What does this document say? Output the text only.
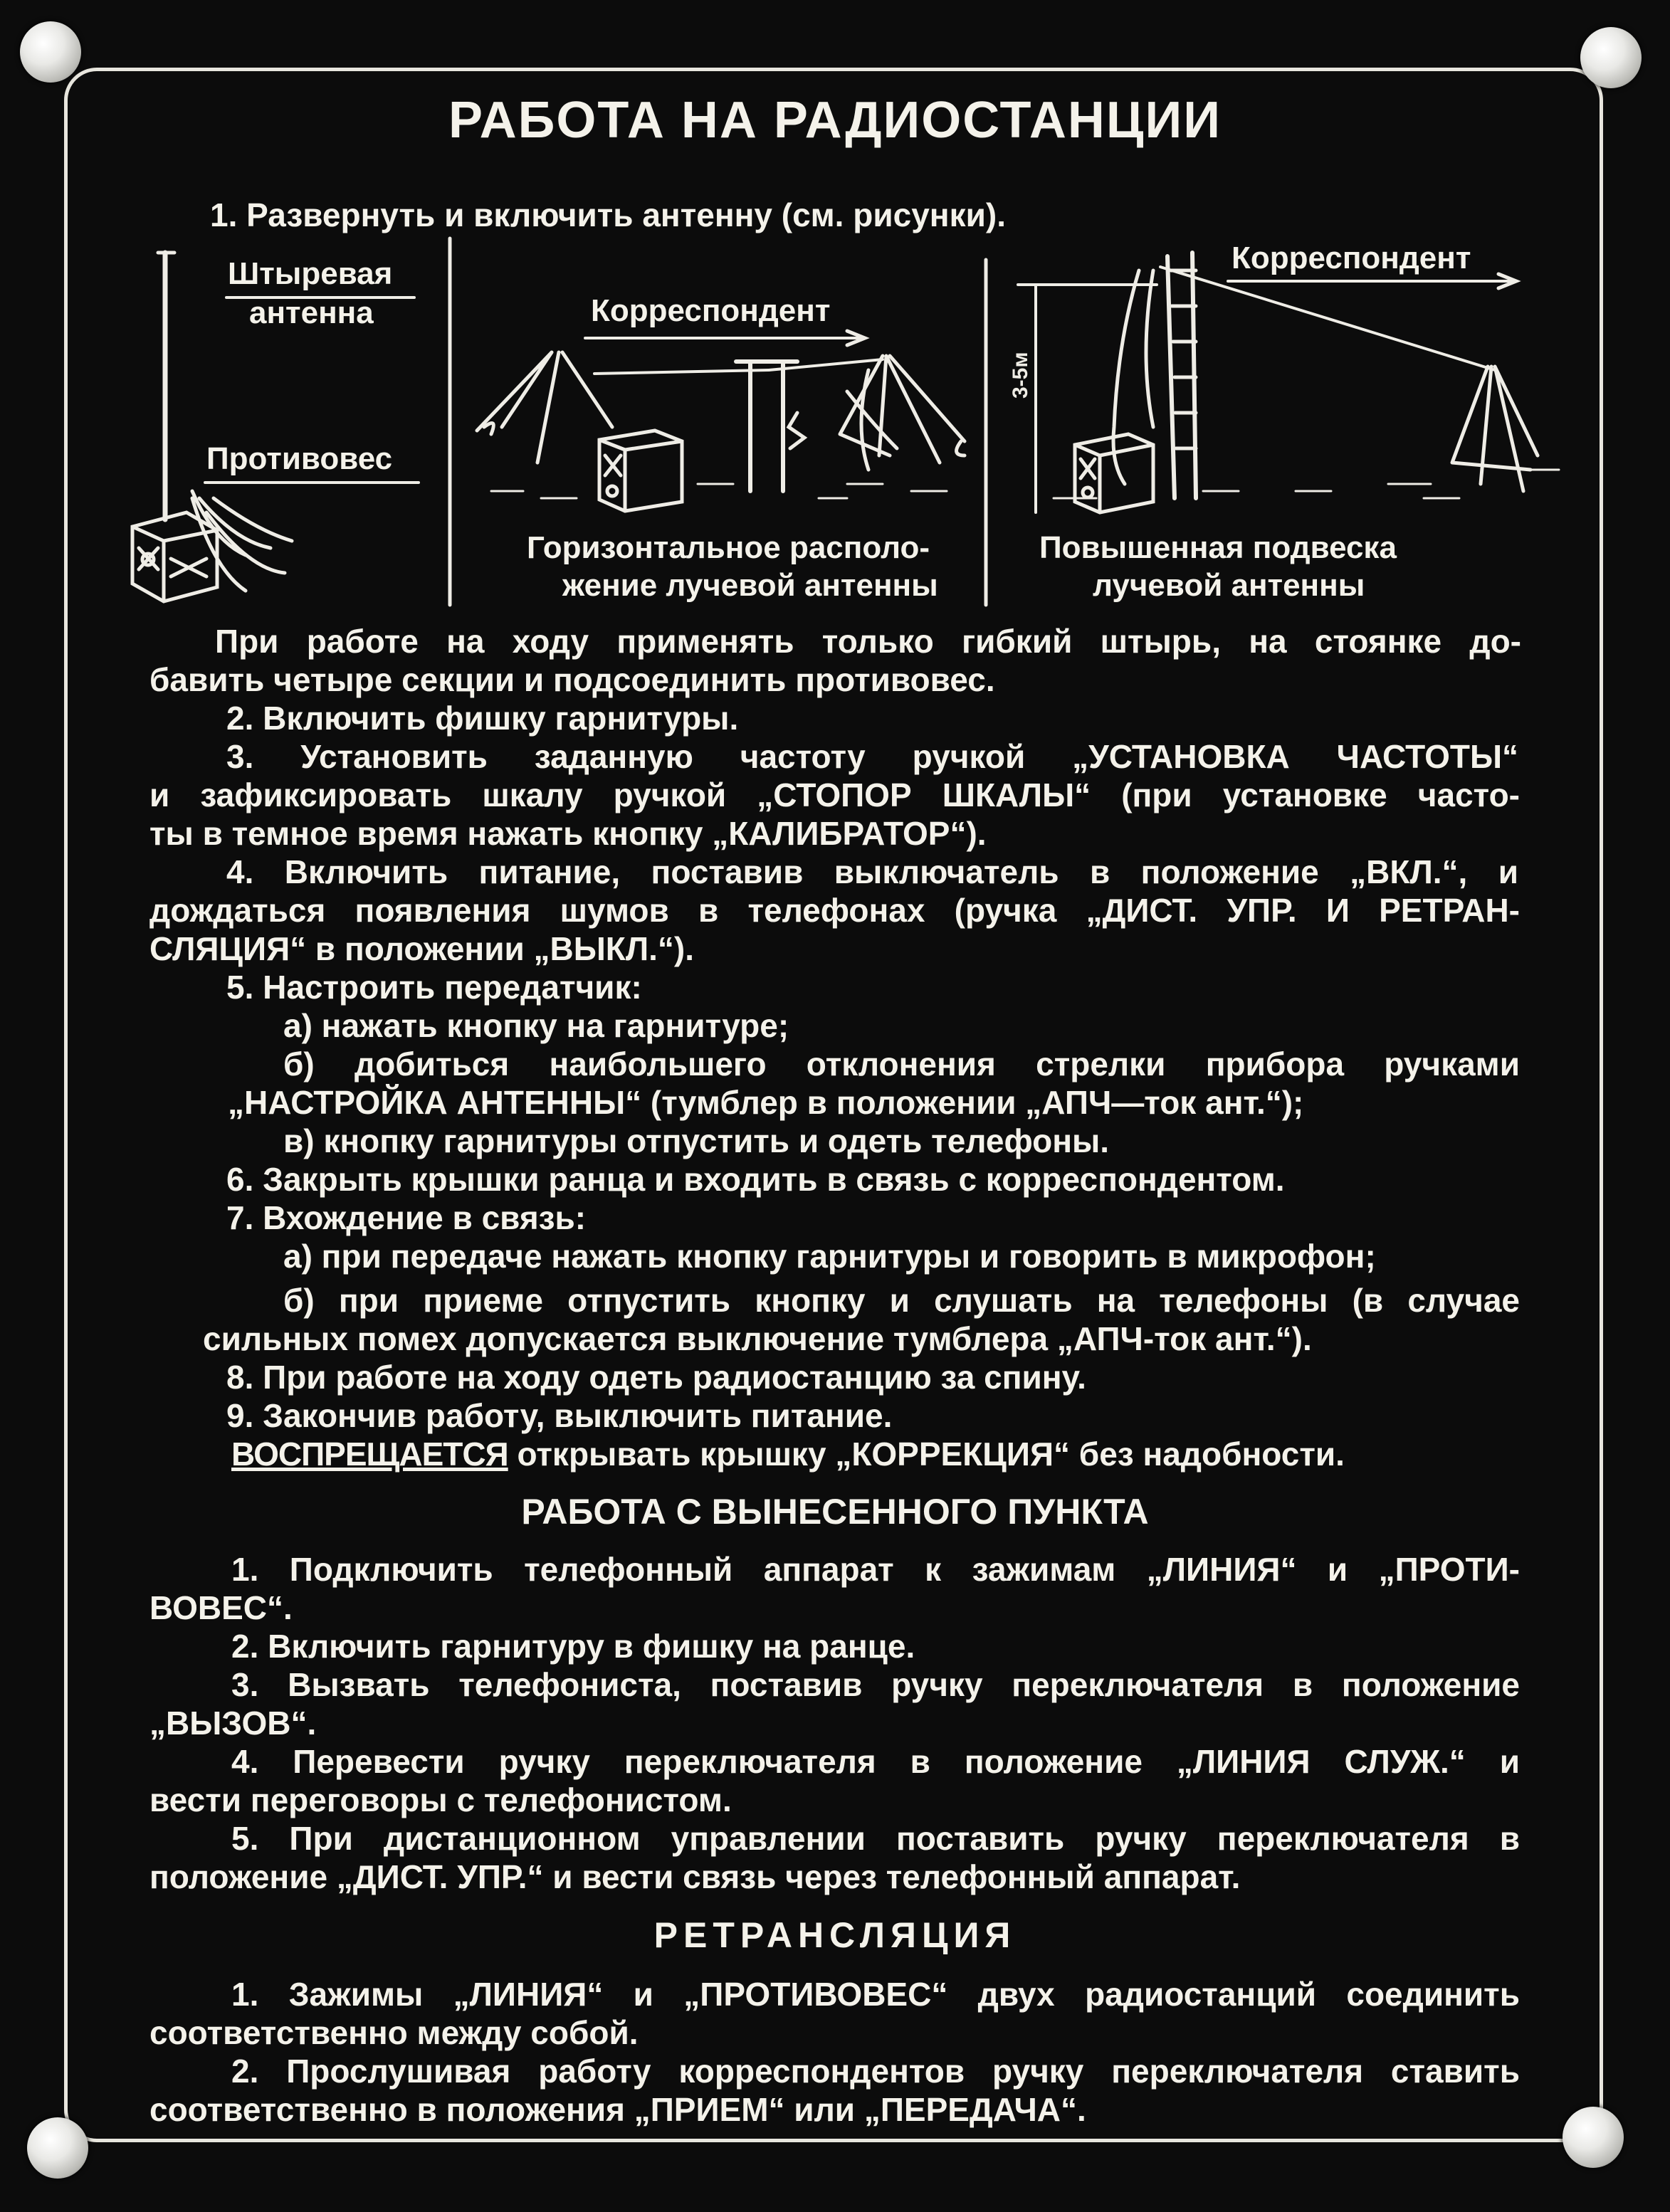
РАБОТА НА РАДИОСТАНЦИИ

1. Развернуть и включить антенну (см. рисунки).

3-5м

Штыревая

антенна

Противовес

Корреспондент

Корреспондент

Горизонтальное располо-

жение лучевой антенны

Повышенная подвеска

лучевой антенны

При работе на ходу применять только гибкий штырь, на стоянке до-

бавить четыре секции и подсоединить противовес.

2. Включить фишку гарнитуры.

3. Установить заданную частоту ручкой „УСТАНОВКА ЧАСТОТЫ“

и зафиксировать шкалу ручкой „СТОПОР ШКАЛЫ“ (при установке часто-

ты в темное время нажать кнопку „КАЛИБРАТОР“).

4. Включить питание, поставив выключатель в положение „ВКЛ.“, и

дождаться появления шумов в телефонах (ручка „ДИСТ. УПР. И РЕТРАН-

СЛЯЦИЯ“ в положении „ВЫКЛ.“).

5. Настроить передатчик:

а) нажать кнопку на гарнитуре;

б) добиться наибольшего отклонения стрелки прибора ручками

„НАСТРОЙКА АНТЕННЫ“ (тумблер в положении „АПЧ—ток ант.“);

в) кнопку гарнитуры отпустить и одеть телефоны.

6. Закрыть крышки ранца и входить в связь с корреспондентом.

7. Вхождение в связь:

а) при передаче нажать кнопку гарнитуры и говорить в микрофон;

б) при приеме отпустить кнопку и слушать на телефоны (в случае

сильных помех допускается выключение тумблера „АПЧ-ток ант.“).

8. При работе на ходу одеть радиостанцию за спину.

9. Закончив работу, выключить питание.

ВОСПРЕЩАЕТСЯ открывать крышку „КОРРЕКЦИЯ“ без надобности.

РАБОТА С ВЫНЕСЕННОГО ПУНКТА

1. Подключить телефонный аппарат к зажимам „ЛИНИЯ“ и „ПРОТИ-

ВОВЕС“.

2. Включить гарнитуру в фишку на ранце.

3. Вызвать телефониста, поставив ручку переключателя в положение

„ВЫЗОВ“.

4. Перевести ручку переключателя в положение „ЛИНИЯ СЛУЖ.“ и

вести переговоры с телефонистом.

5. При дистанционном управлении поставить ручку переключателя в

положение „ДИСТ. УПР.“ и вести связь через телефонный аппарат.

РЕТРАНСЛЯЦИЯ

1. Зажимы „ЛИНИЯ“ и „ПРОТИВОВЕС“ двух радиостанций соединить

соответственно между собой.

2. Прослушивая работу корреспондентов ручку переключателя ставить

соответственно в положения „ПРИЕМ“ или „ПЕРЕДАЧА“.
